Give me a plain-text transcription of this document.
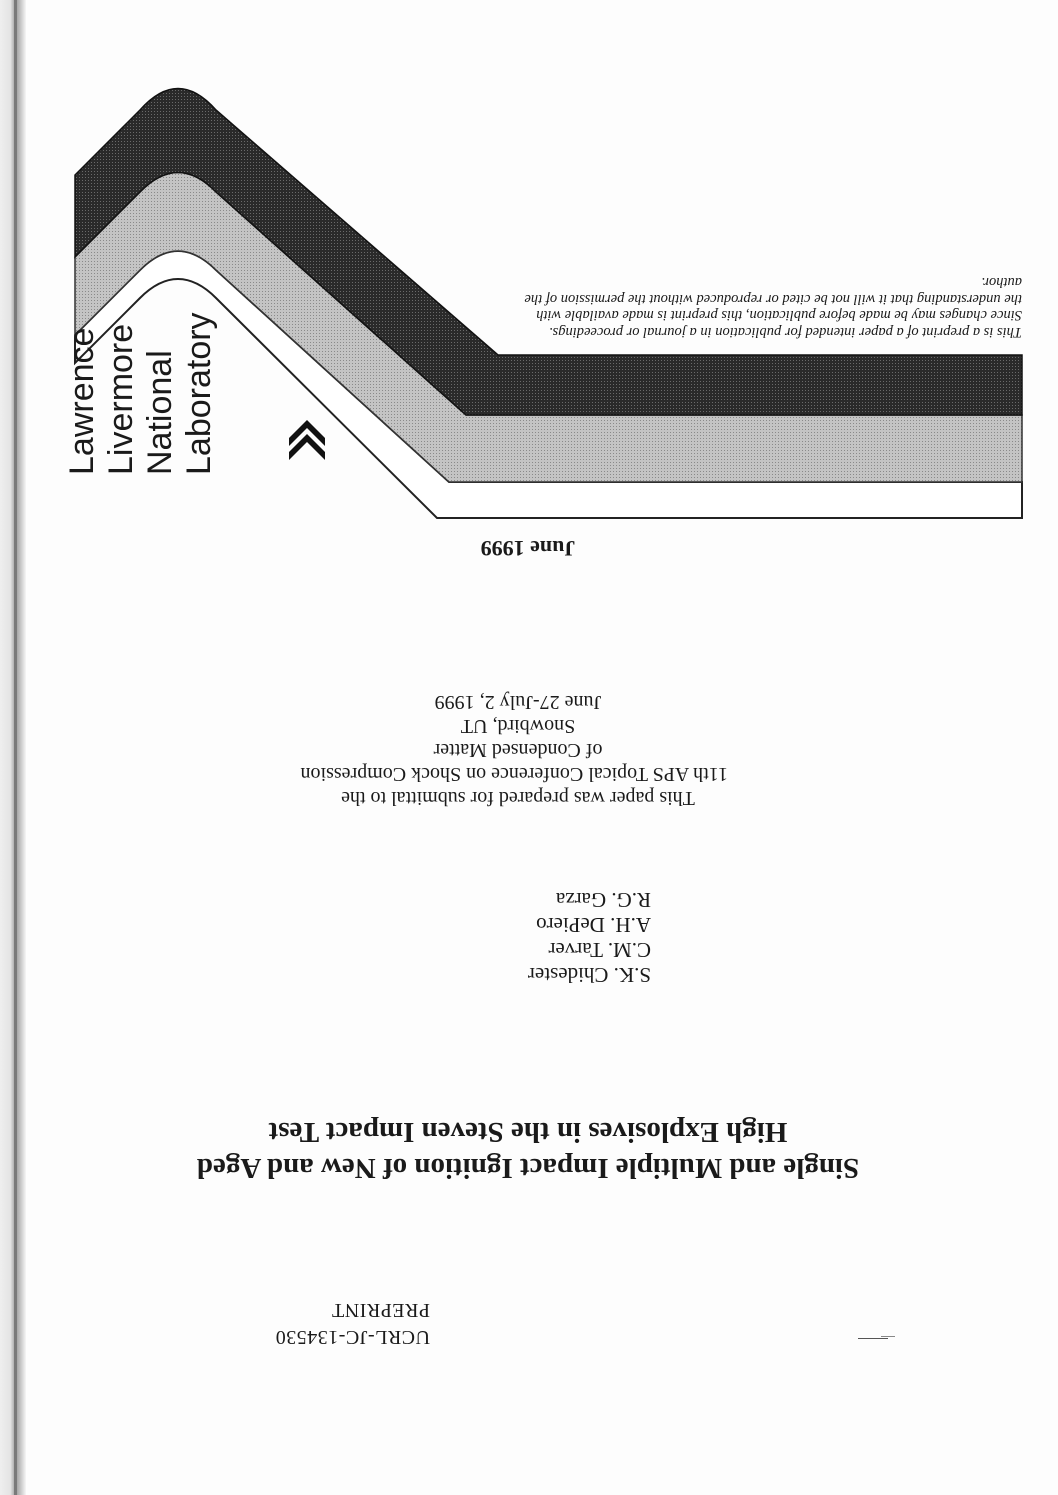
UCRL-JC-134530
PREPRINT
Single and Multiple Impact Ignition of New and Aged
High Explosives in the Steven Impact Test
S.K. Chidester
C.M. Tarver
A.H. DePiero
R.G. Garza
This paper was prepared for submittal to the
11th APS Topical Conference on Shock Compression
of Condensed Matter
Snowbird, UT
June 27-July 2, 1999
June 1999
Lawrence Livermore National Laboratory	This is a preprint of a paper intended for publication in a journal or proceedings.
Since changes may be made before publication, this preprint is made available with
the understanding that it will not be cited or reproduced without the permission of the
author.
